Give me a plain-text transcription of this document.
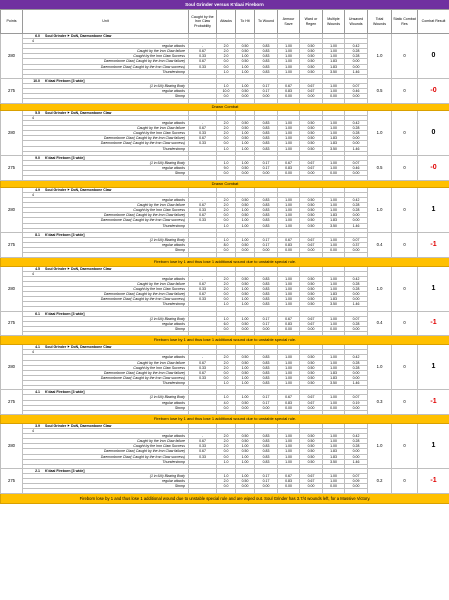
Soul Grinder versus K'daai Fireborn
Points	Unit	Caught by the Iron Claw Probability	Attacks	To Hit	To Wound	Armour Save	Ward or Regen	Multiple Wounds	Unsaved Wounds	Total Wounds	Static Combat Res	Combat Result
280	6.0 Soul Grinder ⯈ DoN, Daemonbone Claw									1.0	0	0
	4											
	regular attacks	-	2.0	0.50	0.83	1.00	0.50	1.00	0.42			
	Caught by the Iron Claw failure	0.67	2.0	0.50	0.83	1.00	0.50	1.00	0.28			
	Caught by the Iron Claw Success	0.33	2.0	1.00	0.83	1.00	0.50	1.00	0.28			
	Daemonbone Claw( Caught by the Iron Claw failure)	0.67	0.0	0.50	0.83	1.00	0.50	1.83	0.00			
	Daemonbone Claw( Caught by the Iron Claw success)	0.33	0.0	1.00	0.83	1.00	0.50	1.83	0.00			
	Thunderstomp		1.0	1.00	0.83	1.00	0.50	3.50	1.46			

275	10.0 K'daai Fireborn [3 wide]									0.5	0	-0
	(1 in 6/b) Blazing Body		1.0	1.00	0.17	0.67	0.67	1.00	0.07			
	regular attacks		10.0	0.50	0.17	0.83	0.67	1.00	0.46			
	Stomp		0.0	0.00	0.00	0.00	0.00	0.00	0.00			

Drawn Combat												
280	5.5 Soul Grinder ⯈ DoN, Daemonbone Claw									1.0	0	0
	4											
	regular attacks	-	2.0	0.50	0.83	1.00	0.50	1.00	0.42			
	Caught by the Iron Claw failure	0.67	2.0	0.50	0.83	1.00	0.50	1.00	0.28			
	Caught by the Iron Claw Success	0.33	2.0	1.00	0.83	1.00	0.50	1.00	0.28			
	Daemonbone Claw( Caught by the Iron Claw failure)	0.67	0.0	0.50	0.83	1.00	0.50	1.83	0.00			
	Daemonbone Claw( Caught by the Iron Claw success)	0.33	0.0	1.00	0.83	1.00	0.50	1.83	0.00			
	Thunderstomp		1.0	1.00	0.83	1.00	0.50	3.50	1.46			

275	9.0 K'daai Fireborn [3 wide]									0.5	0	-0
	(1 in 6/b) Blazing Body		1.0	1.00	0.17	0.67	0.67	1.00	0.07			
	regular attacks		9.0	0.50	0.17	0.83	0.67	1.00	0.46			
	Stomp		0.0	0.00	0.00	0.00	0.00	0.00	0.00			

Drawn Combat												
280	4.9 Soul Grinder ⯈ DoN, Daemonbone Claw									1.0	0	1
	4											
	regular attacks	-	2.0	0.50	0.83	1.00	0.50	1.00	0.42			
	Caught by the Iron Claw failure	0.67	2.0	0.50	0.83	1.00	0.50	1.00	0.28			
	Caught by the Iron Claw Success	0.33	2.0	1.00	0.83	1.00	0.50	1.00	0.28			
	Daemonbone Claw( Caught by the Iron Claw failure)	0.67	0.0	0.50	0.83	1.00	0.50	1.83	0.00			
	Daemonbone Claw( Caught by the Iron Claw success)	0.33	0.0	1.00	0.83	1.00	0.50	1.83	0.00			
	Thunderstomp		1.0	1.00	0.83	1.00	0.50	3.50	1.46			

275	8.1 K'daai Fireborn [3 wide]									0.4	0	-1
	(1 in 6/b) Blazing Body		1.0	1.00	0.17	0.67	0.67	1.00	0.07			
	regular attacks		8.0	0.50	0.17	0.83	0.67	1.00	0.37			
	Stomp		0.0	0.00	0.00	0.00	0.00	0.00	0.00			

Fireborn lose by 1 and thus lose 1 additional wound due to unstable special rule.												
280	4.5 Soul Grinder ⯈ DoN, Daemonbone Claw									1.0	0	1
	4											
	regular attacks	-	2.0	0.50	0.83	1.00	0.50	1.00	0.42			
	Caught by the Iron Claw failure	0.67	2.0	0.50	0.83	1.00	0.50	1.00	0.28			
	Caught by the Iron Claw Success	0.33	2.0	1.00	0.83	1.00	0.50	1.00	0.28			
	Daemonbone Claw( Caught by the Iron Claw failure)	0.67	0.0	0.50	0.83	1.00	0.50	1.83	0.00			
	Daemonbone Claw( Caught by the Iron Claw success)	0.33	0.0	1.00	0.83	1.00	0.50	1.83	0.00			
	Thunderstomp		1.0	1.00	0.83	1.00	0.50	3.50	1.46			

275	6.1 K'daai Fireborn [3 wide]									0.4	0	-1
	(1 in 6/b) Blazing Body		1.0	1.00	0.17	0.67	0.67	1.00	0.07			
	regular attacks		6.0	0.50	0.17	0.83	0.67	1.00	0.28			
	Stomp		0.0	0.00	0.00	0.00	0.00	0.00	0.00			

Fireborn lose by 1 and thus lose 1 additional wound due to unstable special rule.												
280	4.1 Soul Grinder ⯈ DoN, Daemonbone Claw									1.0	0	1
	4											
	regular attacks	-	2.0	0.50	0.83	1.00	0.50	1.00	0.42			
	Caught by the Iron Claw failure	0.67	2.0	0.50	0.83	1.00	0.50	1.00	0.28			
	Caught by the Iron Claw Success	0.33	2.0	1.00	0.83	1.00	0.50	1.00	0.28			
	Daemonbone Claw( Caught by the Iron Claw failure)	0.67	0.0	0.50	0.83	1.00	0.50	1.83	0.00			
	Daemonbone Claw( Caught by the Iron Claw success)	0.33	0.0	1.00	0.83	1.00	0.50	1.83	0.00			
	Thunderstomp		1.0	1.00	0.83	1.00	0.50	3.50	1.46			

275	4.1 K'daai Fireborn [3 wide]									0.3	0	-1
	(1 in 6/b) Blazing Body		1.0	1.00	0.17	0.67	0.67	1.00	0.07			
	regular attacks		4.0	0.50	0.17	0.83	0.67	1.00	0.19			
	Stomp		0.0	0.00	0.00	0.00	0.00	0.00	0.00			

Fireborn lose by 1 and thus lose 1 additional wound due to unstable special rule.												
280	3.9 Soul Grinder ⯈ DoN, Daemonbone Claw									1.0	0	1
	4											
	regular attacks	-	2.0	0.50	0.83	1.00	0.50	1.00	0.42			
	Caught by the Iron Claw failure	0.67	2.0	0.50	0.83	1.00	0.50	1.00	0.28			
	Caught by the Iron Claw Success	0.33	2.0	1.00	0.83	1.00	0.50	1.00	0.28			
	Daemonbone Claw( Caught by the Iron Claw failure)	0.67	0.0	0.50	0.83	1.00	0.50	1.83	0.00			
	Daemonbone Claw( Caught by the Iron Claw success)	0.33	0.0	1.00	0.83	1.00	0.50	1.83	0.00			
	Thunderstomp		1.0	1.00	0.83	1.00	0.50	3.50	1.46			

275	2.1 K'daai Fireborn [3 wide]									0.2	0	-1
	(1 in 6/b) Blazing Body		1.0	1.00	0.17	0.67	0.67	1.00	0.07			
	regular attacks		2.0	0.50	0.17	0.83	0.67	1.00	0.09			
	Stomp		0.0	0.00	0.00	0.00	0.00	0.00	0.00			

Fireborn lose by 1 and thus lose 1 additional wound due to unstable special rule and are wiped out. Soul Grinder has 3.7/4 wounds left, for a Massive Victory.												
